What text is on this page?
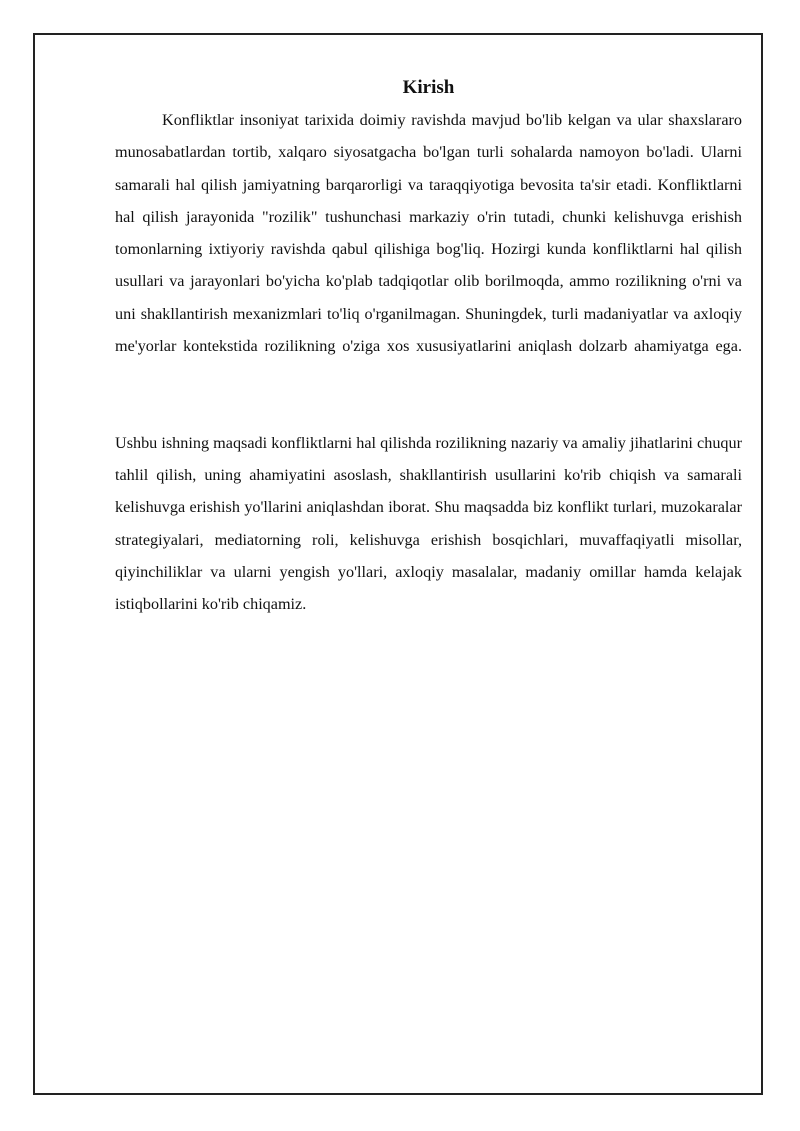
Kirish

Konfliktlar insoniyat tarixida doimiy ravishda mavjud bo'lib kelgan va ular shaxslararo munosabatlardan tortib, xalqaro siyosatgacha bo'lgan turli sohalarda namoyon bo'ladi. Ularni samarali hal qilish jamiyatning barqarorligi va taraqqiyotiga bevosita ta'sir etadi. Konfliktlarni hal qilish jarayonida "rozilik" tushunchasi markaziy o'rin tutadi, chunki kelishuvga erishish tomonlarning ixtiyoriy ravishda qabul qilishiga bog'liq. Hozirgi kunda konfliktlarni hal qilish usullari va jarayonlari bo'yicha ko'plab tadqiqotlar olib borilmoqda, ammo rozilikning o'rni va uni shakllantirish mexanizmlari to'liq o'rganilmagan. Shuningdek, turli madaniyatlar va axloqiy me'yorlar kontekstida rozilikning o'ziga xos xususiyatlarini aniqlash dolzarb ahamiyatga ega.

Ushbu ishning maqsadi konfliktlarni hal qilishda rozilikning nazariy va amaliy jihatlarini chuqur tahlil qilish, uning ahamiyatini asoslash, shakllantirish usullarini ko'rib chiqish va samarali kelishuvga erishish yo'llarini aniqlashdan iborat. Shu maqsadda biz konflikt turlari, muzokaralar strategiyalari, mediatorning roli, kelishuvga erishish bosqichlari, muvaffaqiyatli misollar, qiyinchiliklar va ularni yengish yo'llari, axloqiy masalalar, madaniy omillar hamda kelajak istiqbollarini ko'rib chiqamiz.
